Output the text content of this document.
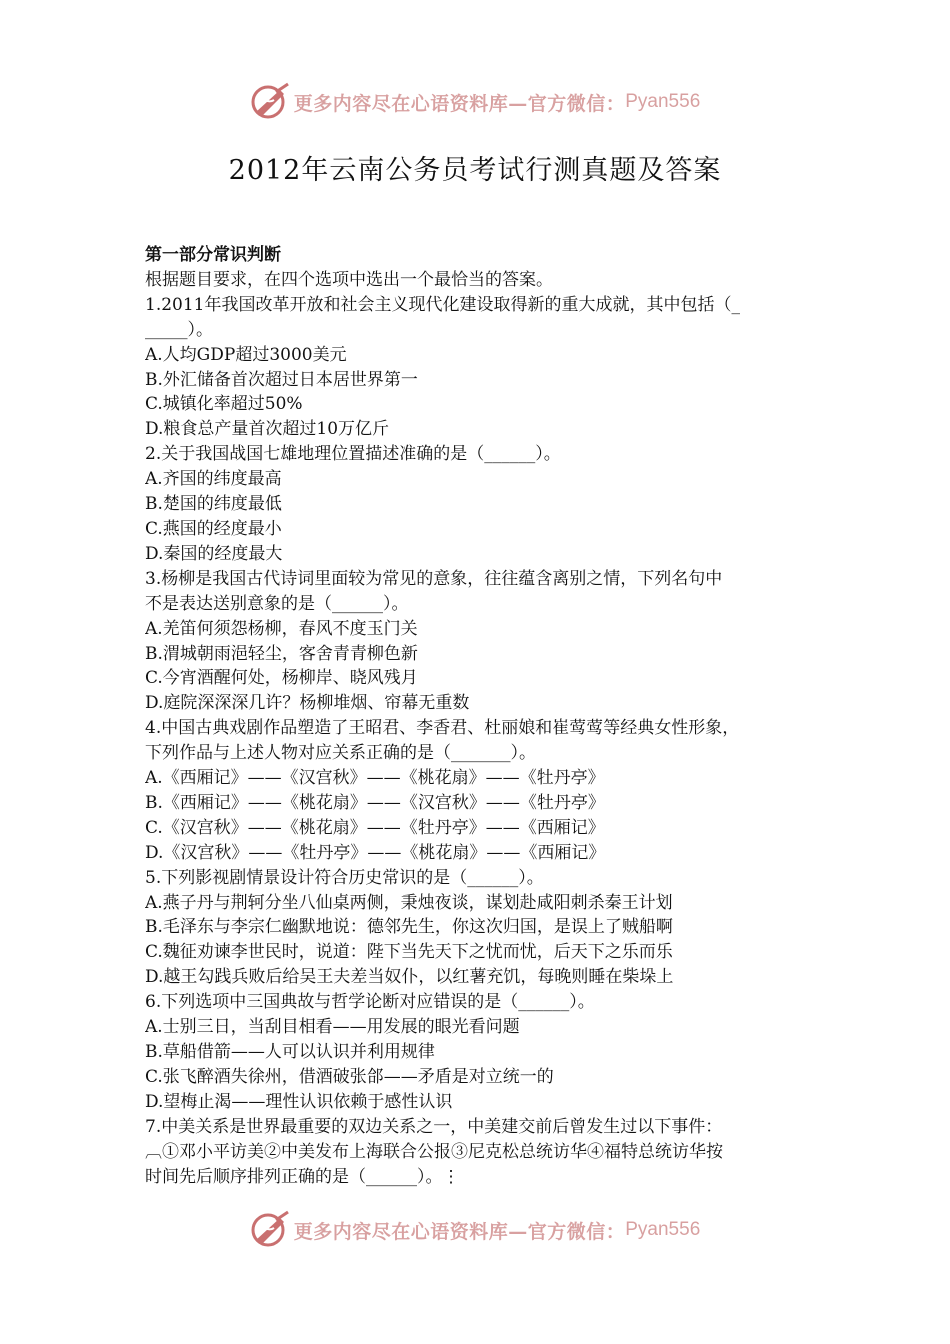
更多内容尽在心语资料库—官方微信： Pyan556
2012年云南公务员考试行测真题及答案
第一部分常识判断
根据题目要求，在四个选项中选出一个最恰当的答案。
1.2011年我国改革开放和社会主义现代化建设取得新的重大成就，其中包括（_
_____）。
A.人均GDP超过3000美元
B.外汇储备首次超过日本居世界第一
C.城镇化率超过50%
D.粮食总产量首次超过10万亿斤
2.关于我国战国七雄地理位置描述准确的是（______）。
A.齐国的纬度最高
B.楚国的纬度最低
C.燕国的经度最小
D.秦国的经度最大
3.杨柳是我国古代诗词里面较为常见的意象，往往蕴含离别之情，下列名句中
不是表达送别意象的是（______）。
A.羌笛何须怨杨柳，春风不度玉门关
B.渭城朝雨浥轻尘，客舍青青柳色新
C.今宵酒醒何处，杨柳岸、晓风残月
D.庭院深深深几许？杨柳堆烟、帘幕无重数
4.中国古典戏剧作品塑造了王昭君、李香君、杜丽娘和崔莺莺等经典女性形象，
下列作品与上述人物对应关系正确的是（_______）。
A.《西厢记》——《汉宫秋》——《桃花扇》——《牡丹亭》
B.《西厢记》——《桃花扇》——《汉宫秋》——《牡丹亭》
C.《汉宫秋》——《桃花扇》——《牡丹亭》——《西厢记》
D.《汉宫秋》——《牡丹亭》——《桃花扇》——《西厢记》
5.下列影视剧情景设计符合历史常识的是（______）。
A.燕子丹与荆轲分坐八仙桌两侧，秉烛夜谈，谋划赴咸阳刺杀秦王计划
B.毛泽东与李宗仁幽默地说：德邻先生，你这次归国，是误上了贼船啊
C.魏征劝谏李世民时，说道：陛下当先天下之忧而忧，后天下之乐而乐
D.越王勾践兵败后给吴王夫差当奴仆，以红薯充饥，每晚则睡在柴垛上
6.下列选项中三国典故与哲学论断对应错误的是（______）。
A.士别三日，当刮目相看——用发展的眼光看问题
B.草船借箭——人可以认识并利用规律
C.张飞醉酒失徐州，借酒破张郃——矛盾是对立统一的
D.望梅止渴——理性认识依赖于感性认识
7.中美关系是世界最重要的双边关系之一，中美建交前后曾发生过以下事件：
︹①邓小平访美②中美发布上海联合公报③尼克松总统访华④福特总统访华按
时间先后顺序排列正确的是（______）。⋮
更多内容尽在心语资料库—官方微信： Pyan556
